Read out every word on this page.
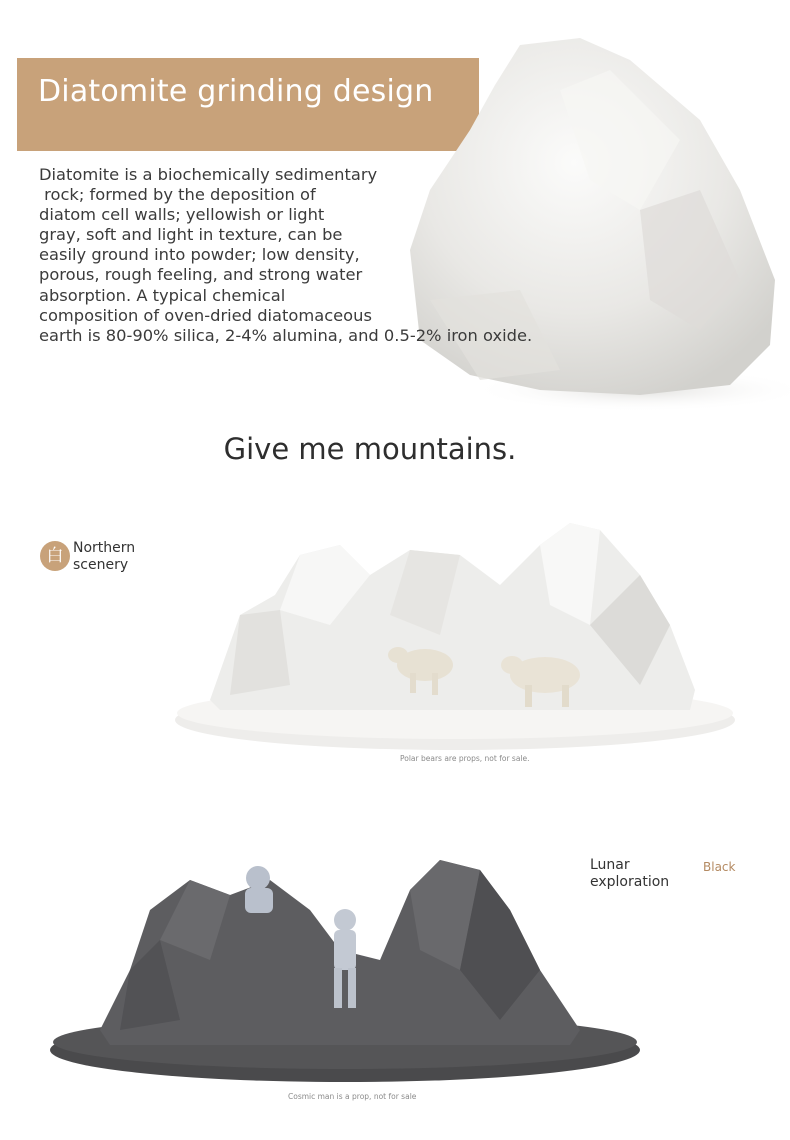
Diatomite grinding design
Diatomite is a biochemically sedimentary
rock; formed by the deposition of
diatom cell walls; yellowish or light
gray, soft and light in texture, can be
easily ground into powder; low density,
porous, rough feeling, and strong water
absorption. A typical chemical
composition of oven-dried diatomaceous
earth is 80-90% silica, 2-4% alumina, and 0.5-2% iron oxide.
Give me mountains.
白 Northern
scenery
Polar bears are props, not for sale.
Lunar
exploration
Black
Cosmic man is a prop, not for sale
